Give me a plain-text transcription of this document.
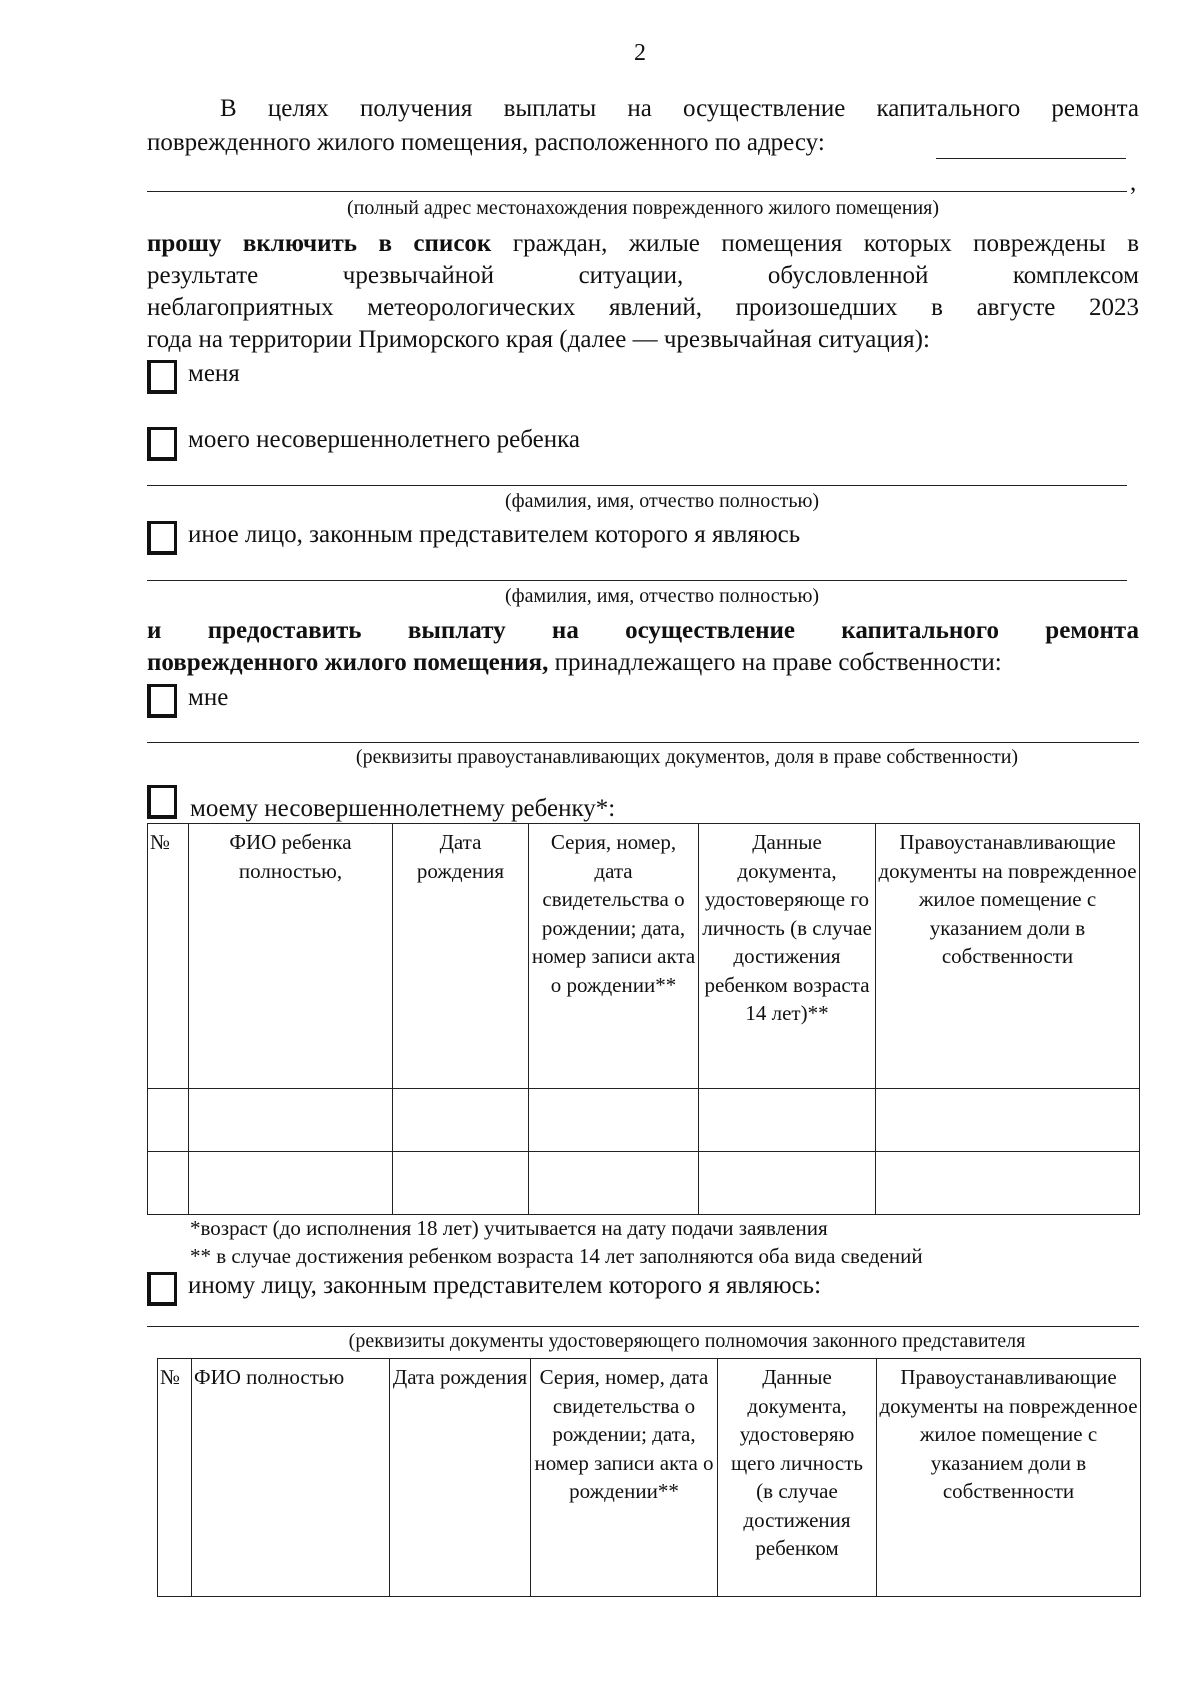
2
В целях получения выплаты на осуществление капитального ремонта
поврежденного жилого помещения, расположенного по адресу:
,
(полный адрес местонахождения поврежденного жилого помещения)
прошу включить в список граждан, жилые помещения которых повреждены в
результате чрезвычайной ситуации, обусловленной комплексом
неблагоприятных метеорологических явлений, произошедших в августе 2023
года на территории Приморского края (далее — чрезвычайная ситуация):
меня
моего несовершеннолетнего ребенка
(фамилия, имя, отчество полностью)
иное лицо, законным представителем которого я являюсь
(фамилия, имя, отчество полностью)
и предоставить выплату на осуществление капитального ремонта
поврежденного жилого помещения, принадлежащего на праве собственности:
мне
(реквизиты правоустанавливающих документов, доля в праве собственности)
моему несовершеннолетнему ребенку*:
№	ФИО ребенка полностью,	Дата рождения	Серия, номер, дата свидетельства о рождении; дата, номер записи акта о рождении**	Данные документа, удостоверяюще го личность (в случае достижения ребенком возраста 14 лет)**	Правоустанавливающие документы на поврежденное жилое помещение с указанием доли в собственности

*возраст (до исполнения 18 лет) учитывается на дату подачи заявления
** в случае достижения ребенком возраста 14 лет заполняются оба вида сведений
иному лицу, законным представителем которого я являюсь:
(реквизиты документы удостоверяющего полномочия законного представителя
№	ФИО полностью	Дата рождения	Серия, номер, дата свидетельства о рождении; дата, номер записи акта о рождении**	Данные документа, удостоверяю щего личность (в случае достижения ребенком	Правоустанавливающие документы на поврежденное жилое помещение с указанием доли в собственности
